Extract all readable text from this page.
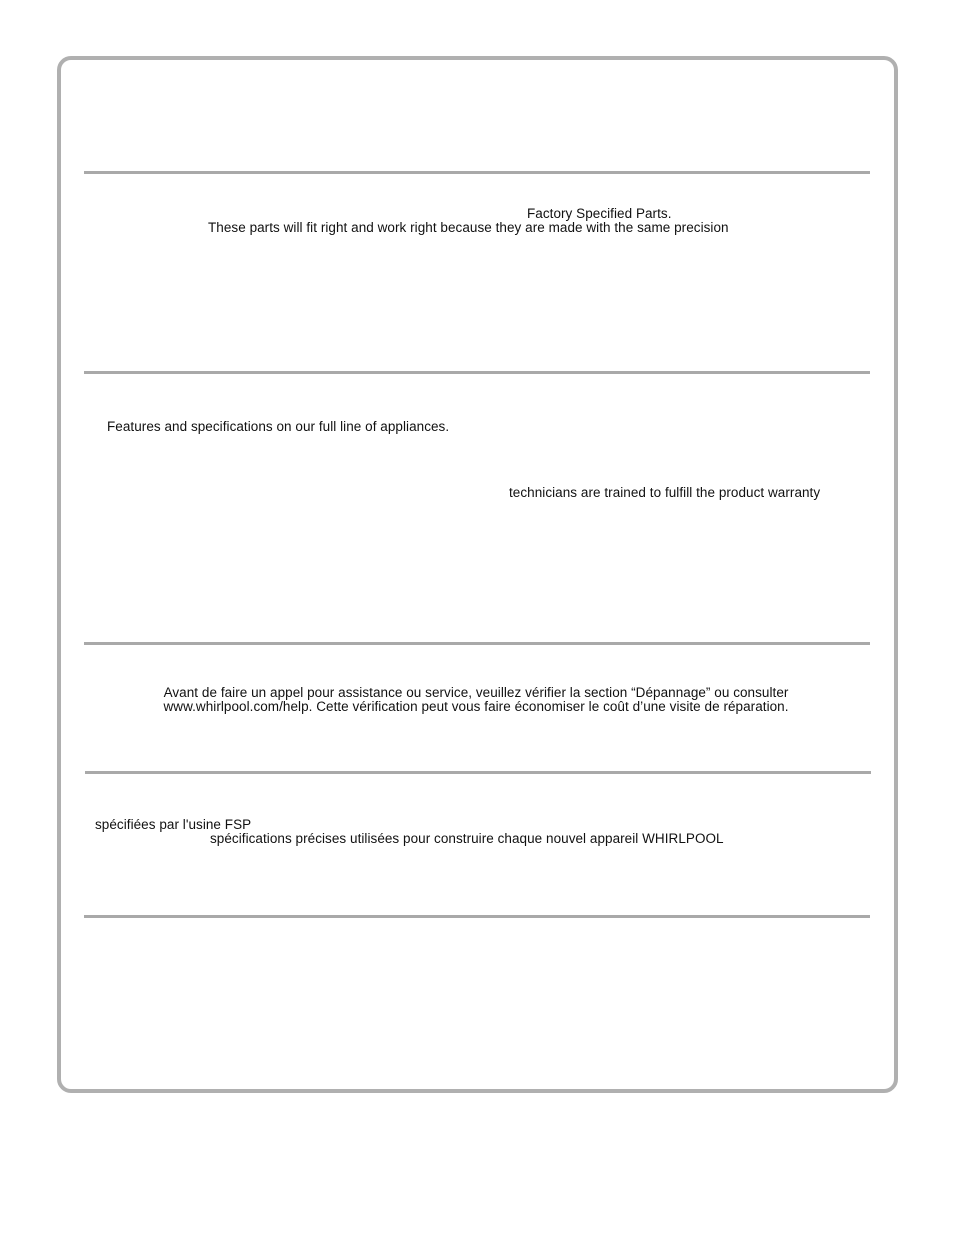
Factory Specified Parts.
These parts will fit right and work right because they are made with the same precision
Features and specifications on our full line of appliances.
technicians are trained to fulfill the product warranty
Avant de faire un appel pour assistance ou service, veuillez vérifier la section “Dépannage” ou consulter
www.whirlpool.com/help. Cette vérification peut vous faire économiser le coût d’une visite de réparation.
spécifiées par l'usine FSP
spécifications précises utilisées pour construire chaque nouvel appareil WHIRLPOOL
